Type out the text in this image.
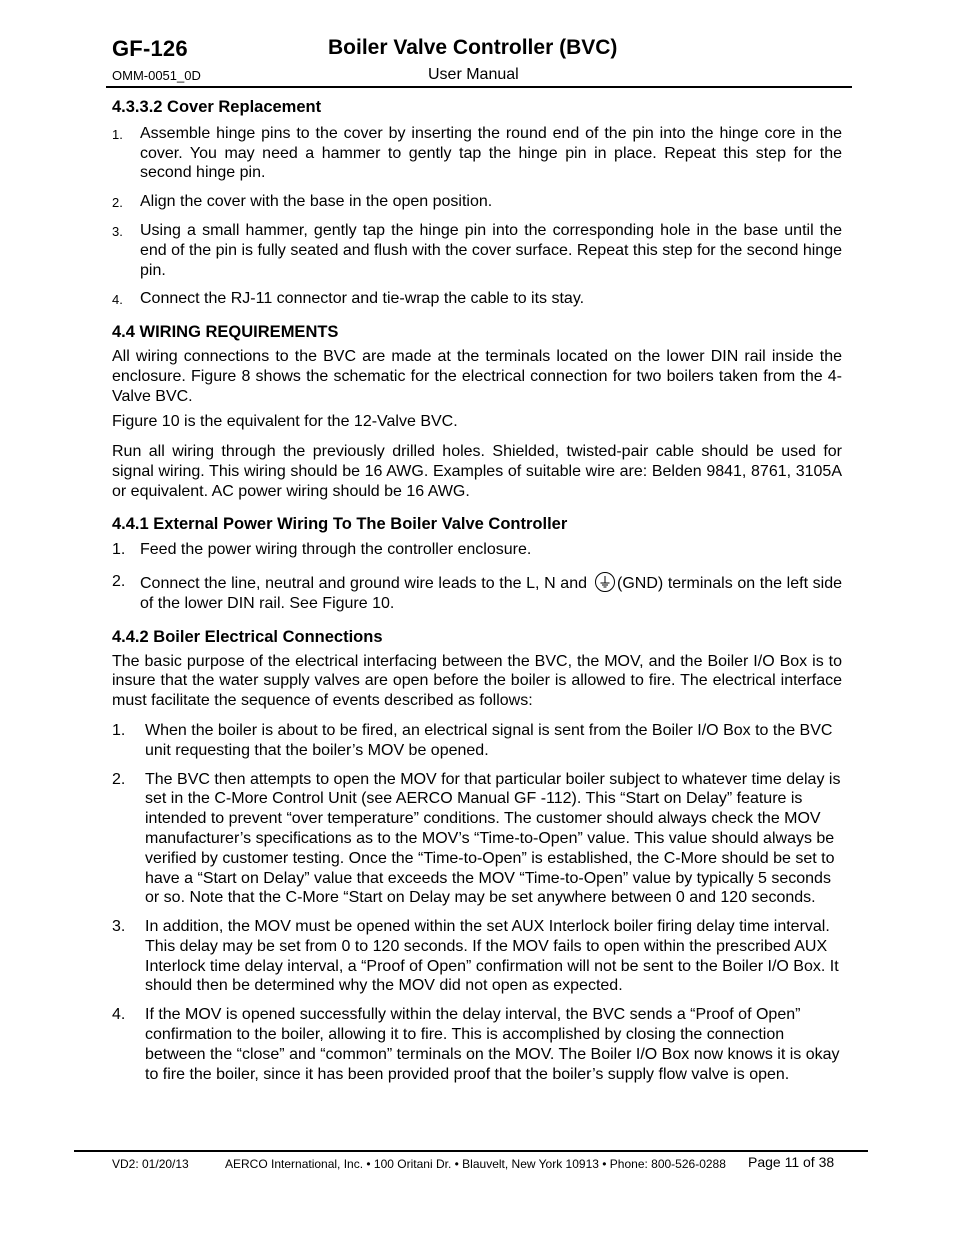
GF-126	Boiler Valve Controller (BVC)
OMM-0051_0D	User Manual
4.3.3.2 Cover Replacement
1. Assemble hinge pins to the cover by inserting the round end of the pin into the hinge core in the cover. You may need a hammer to gently tap the hinge pin in place. Repeat this step for the second hinge pin.
2. Align the cover with the base in the open position.
3. Using a small hammer, gently tap the hinge pin into the corresponding hole in the base until the end of the pin is fully seated and flush with the cover surface. Repeat this step for the second hinge pin.
4. Connect the RJ-11 connector and tie-wrap the cable to its stay.
4.4 WIRING REQUIREMENTS

All wiring connections to the BVC are made at the terminals located on the lower DIN rail inside the enclosure. Figure 8 shows the schematic for the electrical connection for two boilers taken from the 4-Valve BVC.

Figure 10 is the equivalent for the 12-Valve BVC.

Run all wiring through the previously drilled holes. Shielded, twisted-pair cable should be used for signal wiring. This wiring should be 16 AWG. Examples of suitable wire are: Belden 9841, 8761, 3105A or equivalent. AC power wiring should be 16 AWG.

4.4.1 External Power Wiring To The Boiler Valve Controller
1. Feed the power wiring through the controller enclosure.
2. Connect the line, neutral and ground wire leads to the L, N and (GND) terminals on the left side of the lower DIN rail. See Figure 10.
4.4.2 Boiler Electrical Connections

The basic purpose of the electrical interfacing between the BVC, the MOV, and the Boiler I/O Box is to insure that the water supply valves are open before the boiler is allowed to fire. The electrical interface must facilitate the sequence of events described as follows:

1. When the boiler is about to be fired, an electrical signal is sent from the Boiler I/O Box to the BVC unit requesting that the boiler’s MOV be opened.
2. The BVC then attempts to open the MOV for that particular boiler subject to whatever time delay is set in the C-More Control Unit (see AERCO Manual GF -112). This “Start on Delay” feature is intended to prevent “over temperature” conditions. The customer should always check the MOV manufacturer’s specifications as to the MOV’s “Time-to-Open” value. This value should always be verified by customer testing. Once the “Time-to-Open” is established, the C-More should be set to have a “Start on Delay” value that exceeds the MOV “Time-to-Open” value by typically 5 seconds or so. Note that the C-More “Start on Delay may be set anywhere between 0 and 120 seconds.
3. In addition, the MOV must be opened within the set AUX Interlock boiler firing delay time interval. This delay may be set from 0 to 120 seconds. If the MOV fails to open within the prescribed AUX Interlock time delay interval, a “Proof of Open” confirmation will not be sent to the Boiler I/O Box. It should then be determined why the MOV did not open as expected.
4. If the MOV is opened successfully within the delay interval, the BVC sends a “Proof of Open” confirmation to the boiler, allowing it to fire. This is accomplished by closing the connection between the “close” and “common” terminals on the MOV. The Boiler I/O Box now knows it is okay to fire the boiler, since it has been provided proof that the boiler’s supply flow valve is open.
VD2: 01/20/13	AERCO International, Inc. • 100 Oritani Dr. • Blauvelt, New York 10913 • Phone: 800-526-0288 Page 11 of 38
